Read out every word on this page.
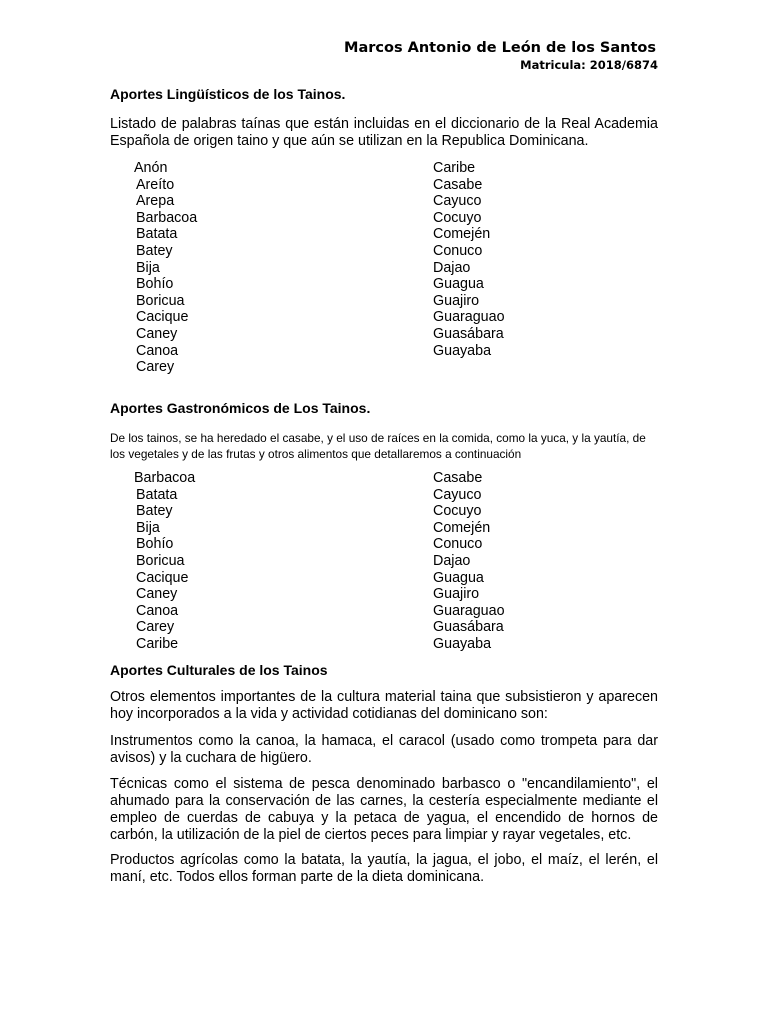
Marcos Antonio de León de los Santos
Matricula: 2018/6874
Aportes Lingüísticos de los Tainos.
Listado de palabras taínas que están incluidas en el diccionario de la Real Academia Española de origen taino y que aún se utilizan en la Republica Dominicana.
Anón
Areíto
Arepa
Barbacoa
Batata
Batey
Bija
Bohío
Boricua
Cacique
Caney
Canoa
Carey
Caribe
Casabe
Cayuco
Cocuyo
Comején
Conuco
Dajao
Guagua
Guajiro
Guaraguao
Guasábara
Guayaba
Aportes Gastronómicos de Los Tainos.
De los tainos, se ha heredado el casabe, y el uso de raíces en la comida, como la yuca, y la yautía, de los vegetales y de las frutas y otros alimentos que detallaremos a continuación
Barbacoa
Batata
Batey
Bija
Bohío
Boricua
Cacique
Caney
Canoa
Carey
Caribe
Casabe
Cayuco
Cocuyo
Comején
Conuco
Dajao
Guagua
Guajiro
Guaraguao
Guasábara
Guayaba
Aportes Culturales de los Tainos
Otros elementos importantes de la cultura material taina que subsistieron y aparecen hoy incorporados a la vida y actividad cotidianas del dominicano son:
Instrumentos como la canoa, la hamaca, el caracol (usado como trompeta para dar avisos) y la cuchara de higüero.
Técnicas como el sistema de pesca denominado barbasco o "encandilamiento", el ahumado para la conservación de las carnes, la cestería especialmente mediante el empleo de cuerdas de cabuya y la petaca de yagua, el encendido de hornos de carbón, la utilización de la piel de ciertos peces para limpiar y rayar vegetales, etc.
Productos agrícolas como la batata, la yautía, la jagua, el jobo, el maíz, el lerén, el maní, etc. Todos ellos forman parte de la dieta dominicana.
